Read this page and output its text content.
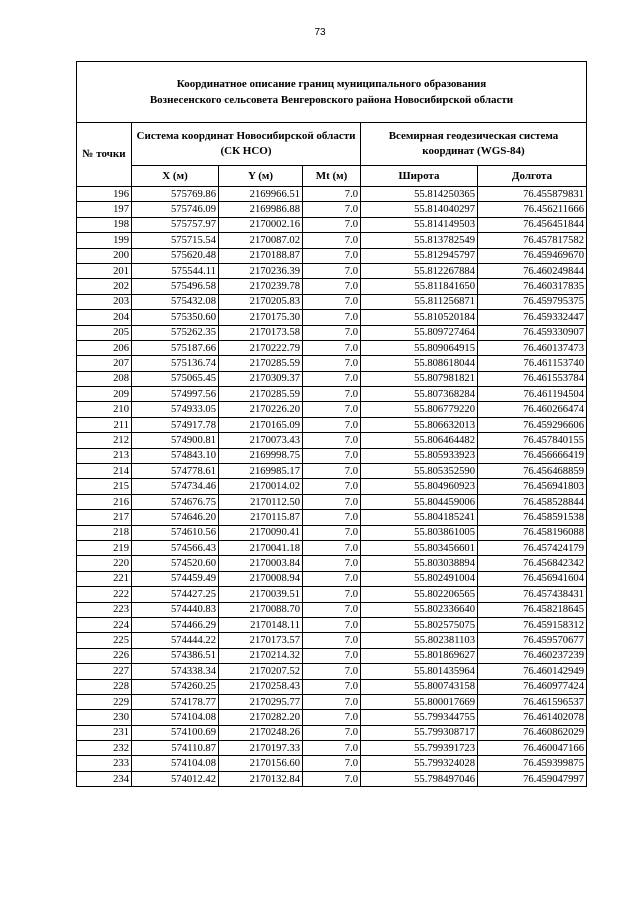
73

Координатное описание границ муниципального образования
Вознесенского сельсовета Венгеровского района Новосибирской области

№ точки	Система координат Новосибирской области (СК НСО)			Всемирная геодезическая система координат (WGS-84)	
	X (м)	Y (м)	Mt (м)	Широта	Долгота
196	575769.86	2169966.51	7.0	55.814250365	76.455879831
197	575746.09	2169986.88	7.0	55.814040297	76.456211666
198	575757.97	2170002.16	7.0	55.814149503	76.456451844
199	575715.54	2170087.02	7.0	55.813782549	76.457817582
200	575620.48	2170188.87	7.0	55.812945797	76.459469670
201	575544.11	2170236.39	7.0	55.812267884	76.460249844
202	575496.58	2170239.78	7.0	55.811841650	76.460317835
203	575432.08	2170205.83	7.0	55.811256871	76.459795375
204	575350.60	2170175.30	7.0	55.810520184	76.459332447
205	575262.35	2170173.58	7.0	55.809727464	76.459330907
206	575187.66	2170222.79	7.0	55.809064915	76.460137473
207	575136.74	2170285.59	7.0	55.808618044	76.461153740
208	575065.45	2170309.37	7.0	55.807981821	76.461553784
209	574997.56	2170285.59	7.0	55.807368284	76.461194504
210	574933.05	2170226.20	7.0	55.806779220	76.460266474
211	574917.78	2170165.09	7.0	55.806632013	76.459296606
212	574900.81	2170073.43	7.0	55.806464482	76.457840155
213	574843.10	2169998.75	7.0	55.805933923	76.456666419
214	574778.61	2169985.17	7.0	55.805352590	76.456468859
215	574734.46	2170014.02	7.0	55.804960923	76.456941803
216	574676.75	2170112.50	7.0	55.804459006	76.458528844
217	574646.20	2170115.87	7.0	55.804185241	76.458591538
218	574610.56	2170090.41	7.0	55.803861005	76.458196088
219	574566.43	2170041.18	7.0	55.803456601	76.457424179
220	574520.60	2170003.84	7.0	55.803038894	76.456842342
221	574459.49	2170008.94	7.0	55.802491004	76.456941604
222	574427.25	2170039.51	7.0	55.802206565	76.457438431
223	574440.83	2170088.70	7.0	55.802336640	76.458218645
224	574466.29	2170148.11	7.0	55.802575075	76.459158312
225	574444.22	2170173.57	7.0	55.802381103	76.459570677
226	574386.51	2170214.32	7.0	55.801869627	76.460237239
227	574338.34	2170207.52	7.0	55.801435964	76.460142949
228	574260.25	2170258.43	7.0	55.800743158	76.460977424
229	574178.77	2170295.77	7.0	55.800017669	76.461596537
230	574104.08	2170282.20	7.0	55.799344755	76.461402078
231	574100.69	2170248.26	7.0	55.799308717	76.460862029
232	574110.87	2170197.33	7.0	55.799391723	76.460047166
233	574104.08	2170156.60	7.0	55.799324028	76.459399875
234	574012.42	2170132.84	7.0	55.798497046	76.459047997
